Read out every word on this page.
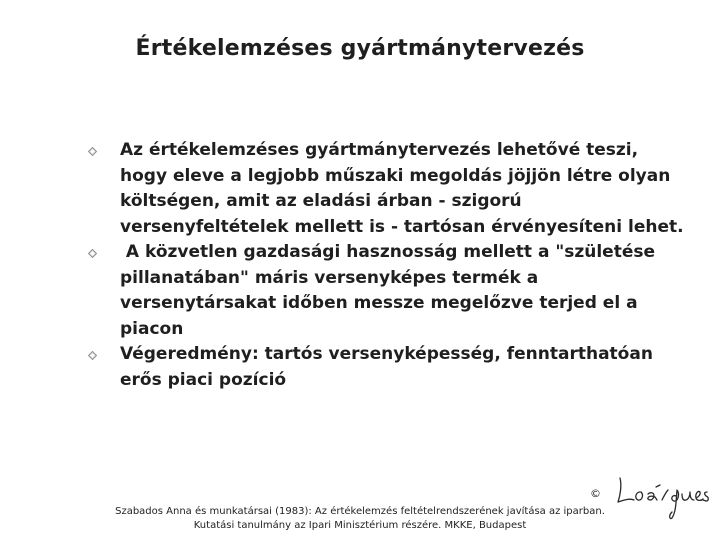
Értékelemzéses gyártmánytervezés
Az értékelemzéses gyártmánytervezés lehetővé teszi, hogy eleve a legjobb műszaki megoldás jöjjön létre olyan költségen, amit az eladási árban - szigorú versenyfeltételek mellett is - tartósan érvényesíteni lehet.
A közvetlen gazdasági hasznosság mellett a "születése pillanatában" máris versenyképes termék a versenytársakat időben messze megelőzve terjed el a piacon
Végeredmény: tartós versenyképesség, fenntarthatóan erős piaci pozíció
©
Szabados Anna és munkatársai (1983): Az értékelemzés feltételrendszerének javítása az iparban.
Kutatási tanulmány az Ipari Minisztérium részére. MKKE, Budapest
